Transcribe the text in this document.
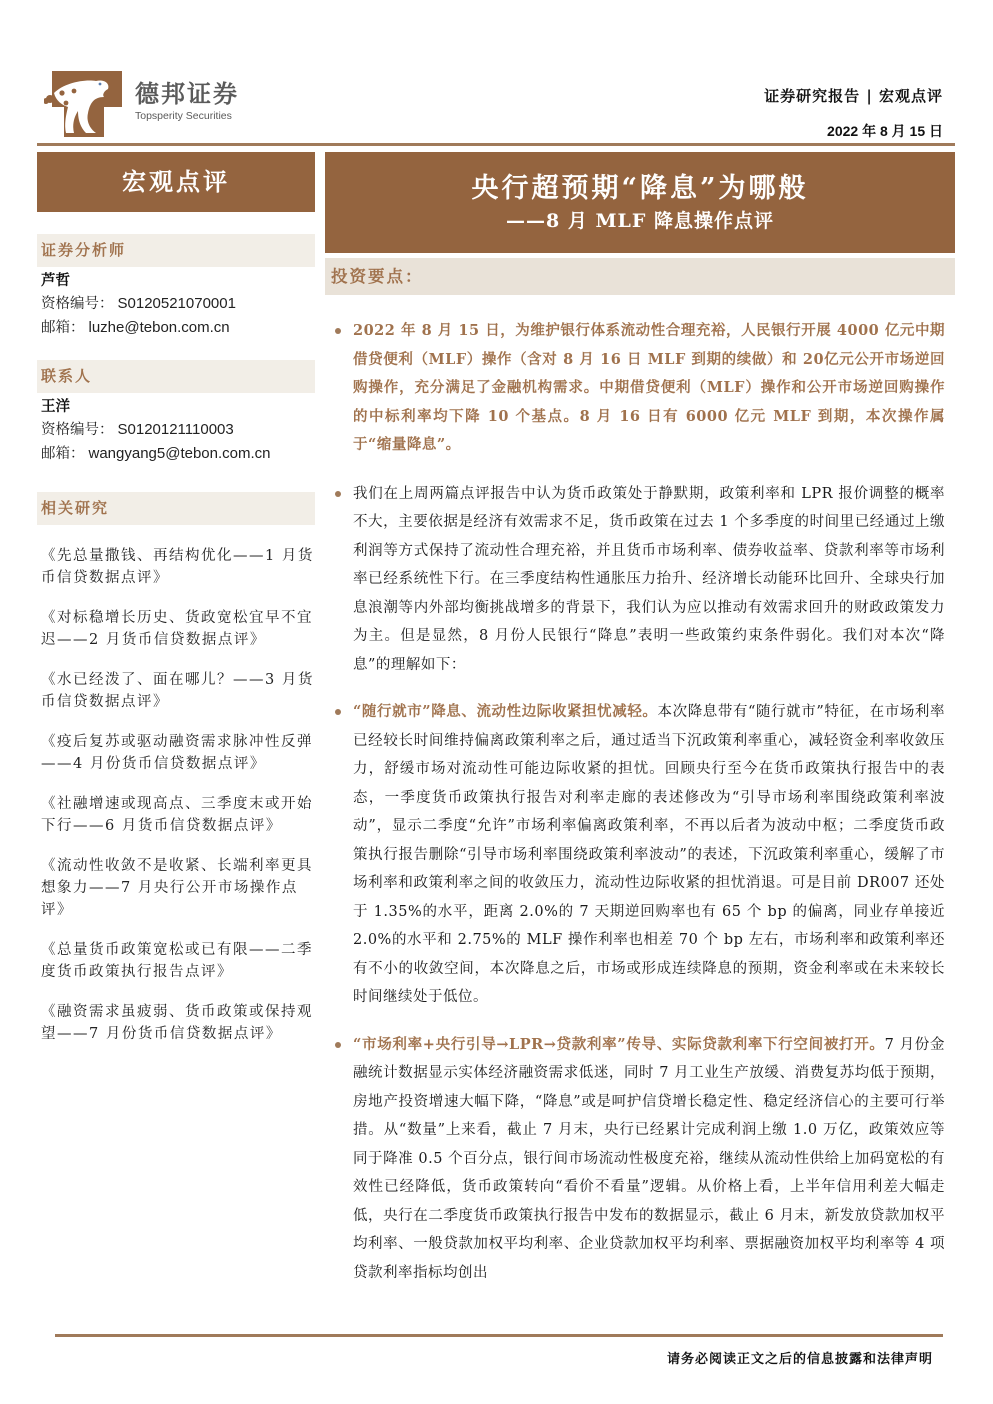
德邦证券
Topsperity Securities
证券研究报告 | 宏观点评
2022 年 8 月 15 日
宏观点评
证券分析师
芦哲
资格编号： S0120521070001
邮箱： luzhe@tebon.com.cn
联系人
王洋
资格编号： S0120121110003
邮箱： wangyang5@tebon.com.cn
相关研究
《先总量撒钱、再结构优化——1 月货币信贷数据点评》
《对标稳增长历史、货政宽松宜早不宜迟——2 月货币信贷数据点评》
《水已经泼了、面在哪儿？——3 月货币信贷数据点评》
《疫后复苏或驱动融资需求脉冲性反弹——4 月份货币信贷数据点评》
《社融增速或现高点、三季度末或开始下行——6 月货币信贷数据点评》
《流动性收敛不是收紧、长端利率更具想象力——7 月央行公开市场操作点评》
《总量货币政策宽松或已有限——二季度货币政策执行报告点评》
《融资需求虽疲弱、货币政策或保持观望——7 月份货币信贷数据点评》
央行超预期“降息”为哪般
——8 月 MLF 降息操作点评
投资要点：
2022 年 8 月 15 日，为维护银行体系流动性合理充裕，人民银行开展 4000 亿元中期借贷便利（MLF）操作（含对 8 月 16 日 MLF 到期的续做）和 20亿元公开市场逆回购操作，充分满足了金融机构需求。中期借贷便利（MLF）操作和公开市场逆回购操作的中标利率均下降 10 个基点。8 月 16 日有 6000 亿元 MLF 到期，本次操作属于“缩量降息”。
我们在上周两篇点评报告中认为货币政策处于静默期，政策利率和 LPR 报价调整的概率不大，主要依据是经济有效需求不足，货币政策在过去 1 个多季度的时间里已经通过上缴利润等方式保持了流动性合理充裕，并且货币市场利率、债券收益率、贷款利率等市场利率已经系统性下行。在三季度结构性通胀压力抬升、经济增长动能环比回升、全球央行加息浪潮等内外部均衡挑战增多的背景下，我们认为应以推动有效需求回升的财政政策发力为主。但是显然，8 月份人民银行“降息”表明一些政策约束条件弱化。我们对本次“降息”的理解如下：
“随行就市”降息、流动性边际收紧担忧减轻。本次降息带有“随行就市”特征，在市场利率已经较长时间维持偏离政策利率之后，通过适当下沉政策利率重心，减轻资金利率收敛压力，舒缓市场对流动性可能边际收紧的担忧。回顾央行至今在货币政策执行报告中的表态，一季度货币政策执行报告对利率走廊的表述修改为“引导市场利率围绕政策利率波动”，显示二季度“允许”市场利率偏离政策利率，不再以后者为波动中枢；二季度货币政策执行报告删除“引导市场利率围绕政策利率波动”的表述，下沉政策利率重心，缓解了市场利率和政策利率之间的收敛压力，流动性边际收紧的担忧消退。可是目前 DR007 还处于 1.35%的水平，距离 2.0%的 7 天期逆回购率也有 65 个 bp 的偏离，同业存单接近 2.0%的水平和 2.75%的 MLF 操作利率也相差 70 个 bp 左右，市场利率和政策利率还有不小的收敛空间，本次降息之后，市场或形成连续降息的预期，资金利率或在未来较长时间继续处于低位。
“市场利率+央行引导→LPR→贷款利率”传导、实际贷款利率下行空间被打开。7 月份金融统计数据显示实体经济融资需求低迷，同时 7 月工业生产放缓、消费复苏均低于预期，房地产投资增速大幅下降，“降息”或是呵护信贷增长稳定性、稳定经济信心的主要可行举措。从“数量”上来看，截止 7 月末，央行已经累计完成利润上缴 1.0 万亿，政策效应等同于降准 0.5 个百分点，银行间市场流动性极度充裕，继续从流动性供给上加码宽松的有效性已经降低，货币政策转向“看价不看量”逻辑。从价格上看，上半年信用利差大幅走低，央行在二季度货币政策执行报告中发布的数据显示，截止 6 月末，新发放贷款加权平均利率、一般贷款加权平均利率、企业贷款加权平均利率、票据融资加权平均利率等 4 项贷款利率指标均创出
请务必阅读正文之后的信息披露和法律声明
